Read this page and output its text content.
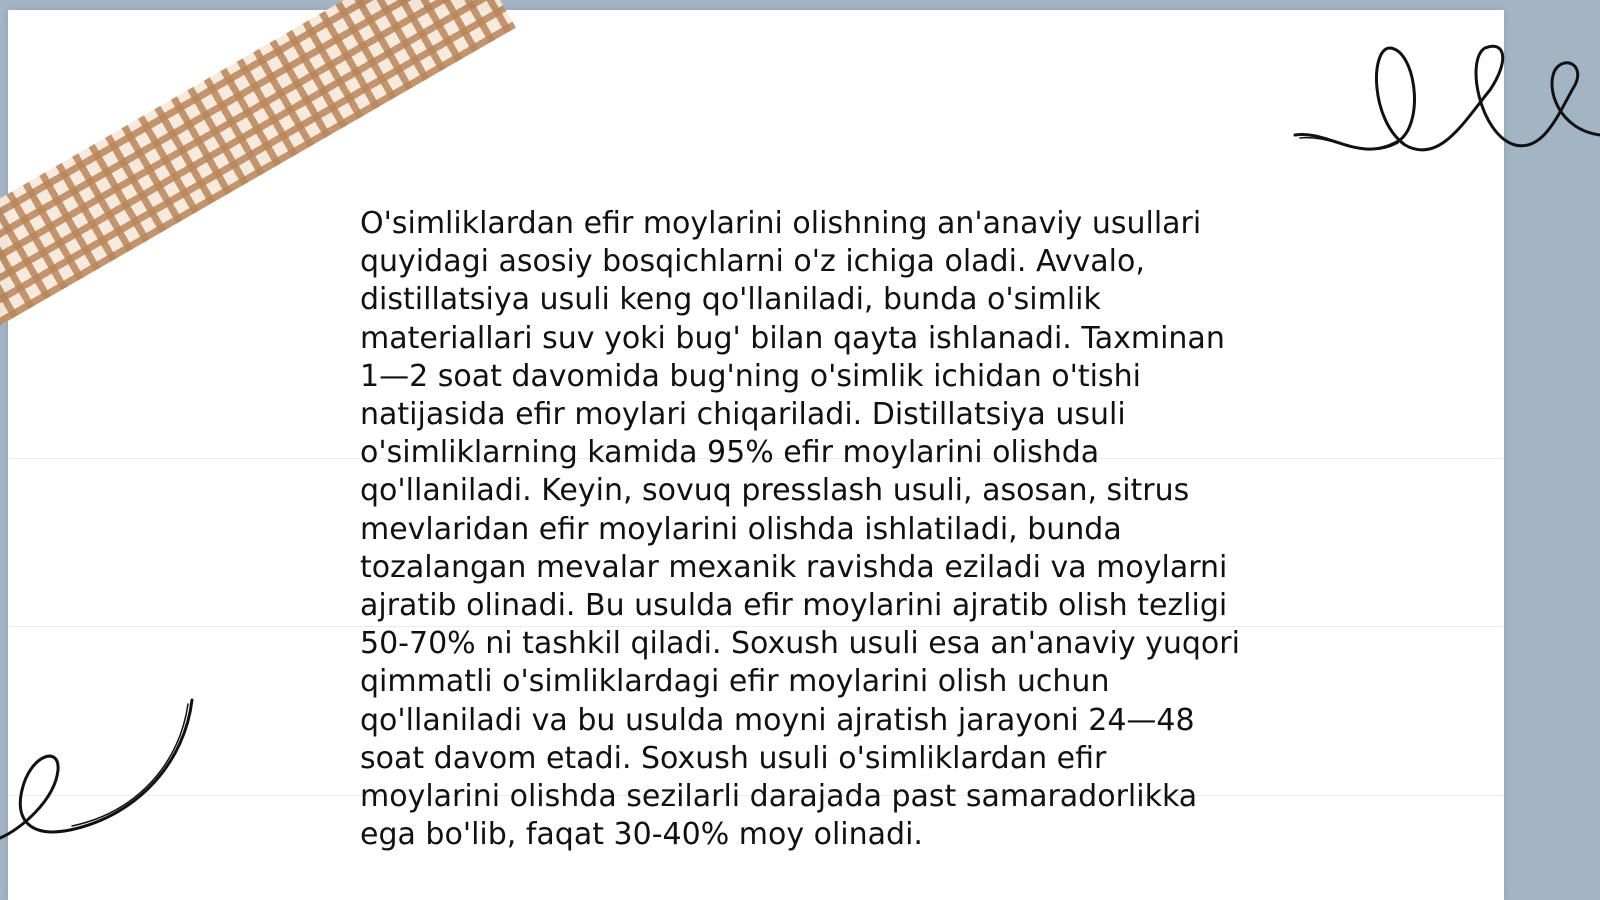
O'simliklardan efir moylarini olishning an'anaviy usullari
quyidagi asosiy bosqichlarni o'z ichiga oladi. Avvalo,
distillatsiya usuli keng qo'llaniladi, bunda o'simlik
materiallari suv yoki bug' bilan qayta ishlanadi. Taxminan
1—2 soat davomida bug'ning o'simlik ichidan o'tishi
natijasida efir moylari chiqariladi. Distillatsiya usuli
o'simliklarning kamida 95% efir moylarini olishda
qo'llaniladi. Keyin, sovuq presslash usuli, asosan, sitrus
mevlaridan efir moylarini olishda ishlatiladi, bunda
tozalangan mevalar mexanik ravishda eziladi va moylarni
ajratib olinadi. Bu usulda efir moylarini ajratib olish tezligi
50-70% ni tashkil qiladi. Soxush usuli esa an'anaviy yuqori
qimmatli o'simliklardagi efir moylarini olish uchun
qo'llaniladi va bu usulda moyni ajratish jarayoni 24—48
soat davom etadi. Soxush usuli o'simliklardan efir
moylarini olishda sezilarli darajada past samaradorlikka
ega bo'lib, faqat 30-40% moy olinadi.
